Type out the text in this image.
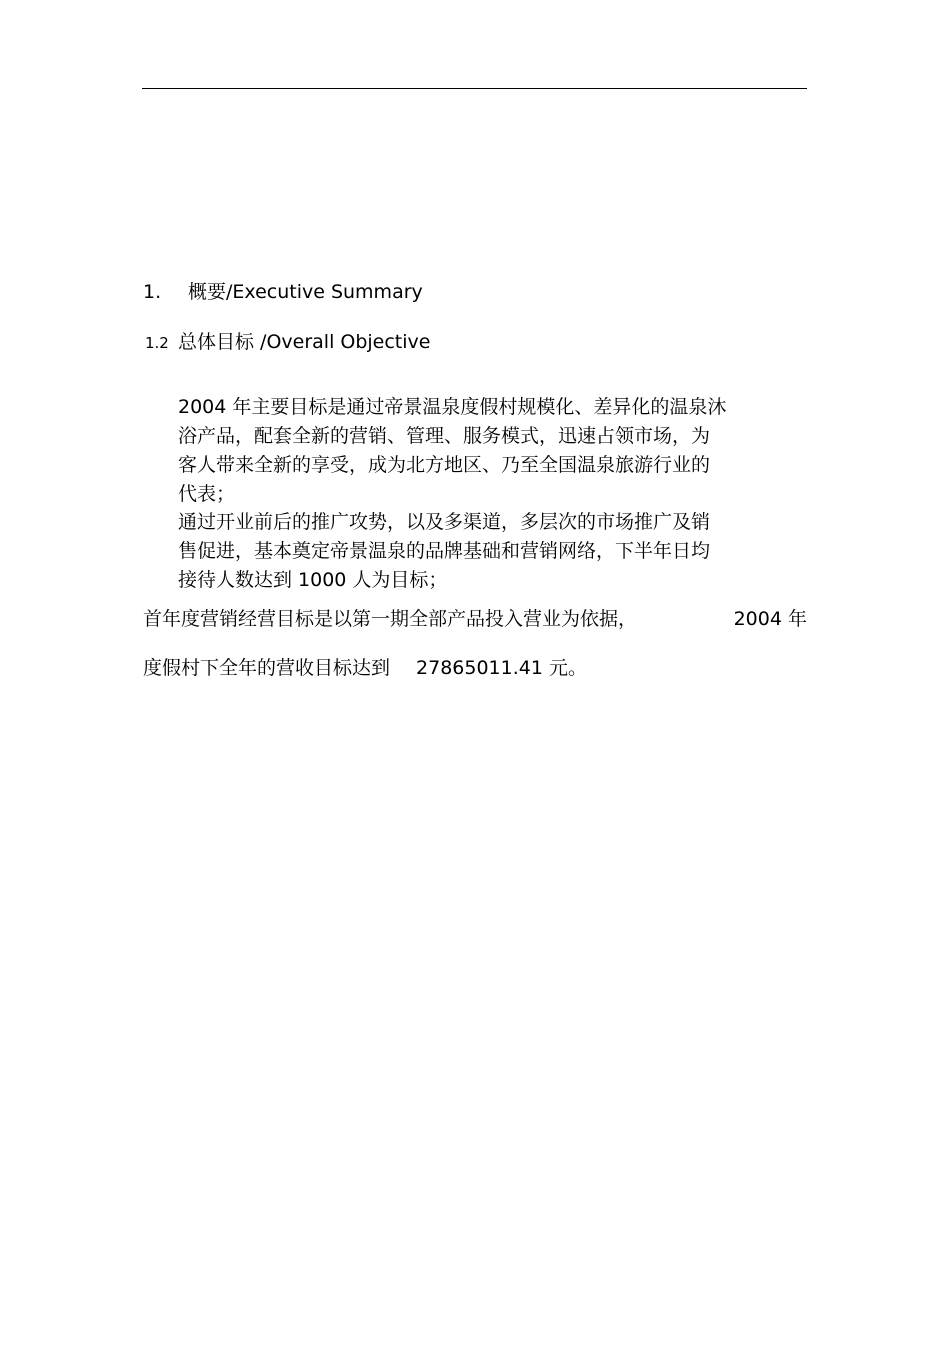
1. 概要/Executive Summary
1.2 总体目标 /Overall Objective
2004 年主要目标是通过帝景温泉度假村规模化、差异化的温泉沐
浴产品，配套全新的营销、管理、服务模式，迅速占领市场，为
客人带来全新的享受，成为北方地区、乃至全国温泉旅游行业的
代表；
通过开业前后的推广攻势，以及多渠道，多层次的市场推广及销
售促进，基本奠定帝景温泉的品牌基础和营销网络，下半年日均
接待人数达到 1000 人为目标；
首年度营销经营目标是以第一期全部产品投入营业为依据，	2004 年
度假村下全年的营收目标达到 27865011.41 元。
